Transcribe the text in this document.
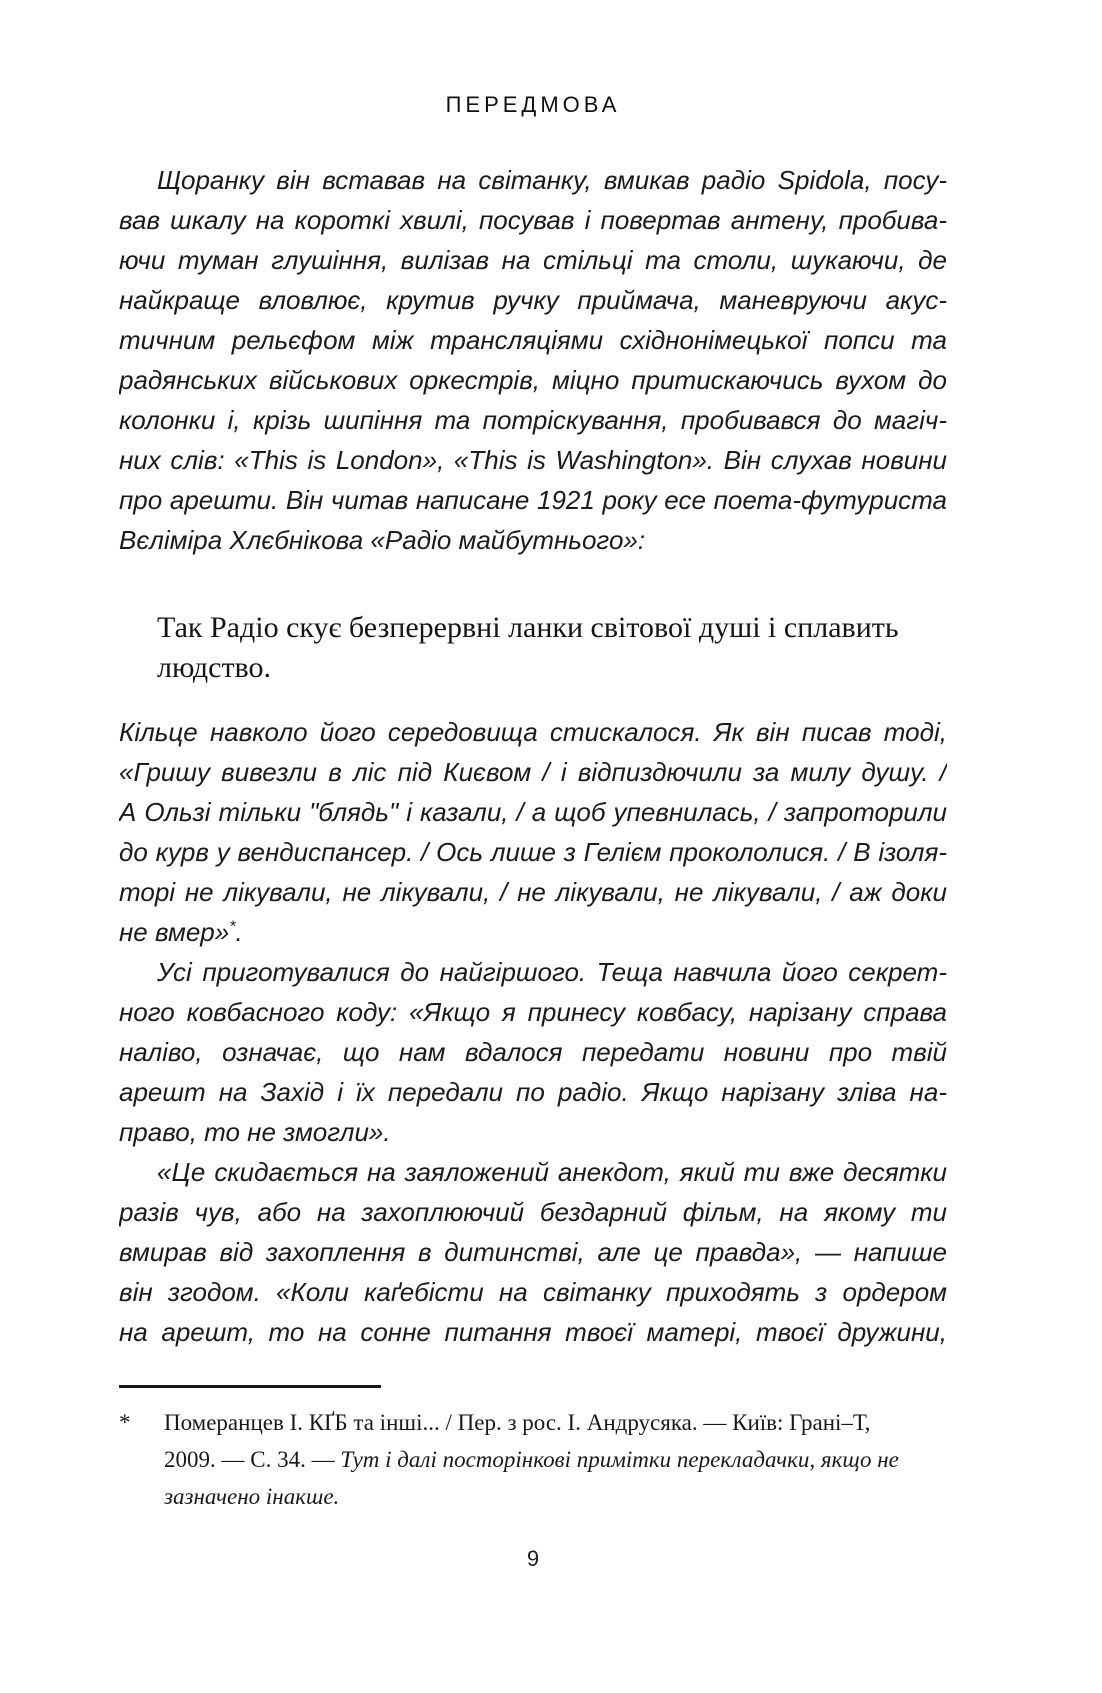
ПЕРЕДМОВА
Щоранку він вставав на світанку, вмикав радіо Spidola, посу-
вав шкалу на короткі хвилі, посував і повертав антену, пробива-
ючи туман глушіння, вилізав на стільці та столи, шукаючи, де
найкраще вловлює, крутив ручку приймача, маневруючи акус-
тичним рельєфом між трансляціями східнонімецької попси та
радянських військових оркестрів, міцно притискаючись вухом до
колонки і, крізь шипіння та потріскування, пробивався до магіч-
них слів: «This is London», «This is Washington». Він слухав новини
про арешти. Він читав написане 1921 року есе поета-футуриста
Вєліміра Хлєбнікова «Радіо майбутнього»:
Так Радіо скує безперервні ланки світової душі і сплавить
людство.
Кільце навколо його середовища стискалося. Як він писав тоді,
«Гришу вивезли в ліс під Києвом / і відпиздючили за милу душу. /
А Ользі тільки "блядь" і казали, / а щоб упевнилась, / запроторили
до курв у вендиспансер. / Ось лише з Гелієм прокололися. / В ізоля-
торі не лікували, не лікували, / не лікували, не лікували, / аж доки
не вмер»*.
Усі приготувалися до найгіршого. Теща навчила його секрет-
ного ковбасного коду: «Якщо я принесу ковбасу, нарізану справа
наліво, означає, що нам вдалося передати новини про твій
арешт на Захід і їх передали по радіо. Якщо нарізану зліва на-
право, то не змогли».
«Це скидається на заяложений анекдот, який ти вже десятки
разів чув, або на захоплюючий бездарний фільм, на якому ти
вмирав від захоплення в дитинстві, але це правда», — напише
він згодом. «Коли каґебісти на світанку приходять з ордером
на арешт, то на сонне питання твоєї матері, твоєї дружини,
* Померанцев І. КҐБ та інші... / Пер. з рос. І. Андрусяка. — Київ: Грані–Т,
2009. — С. 34. — Тут і далі посторінкові примітки перекладачки, якщо не
зазначено інакше.
9
